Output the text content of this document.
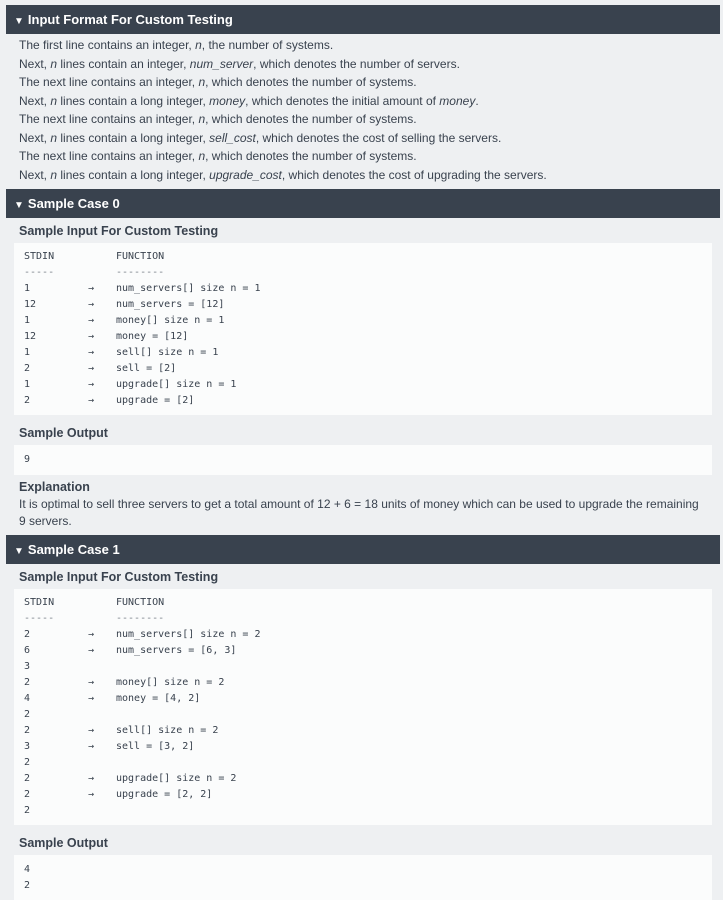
▼ Input Format For Custom Testing
The first line contains an integer, n, the number of systems.
Next, n lines contain an integer, num_server, which denotes the number of servers.
The next line contains an integer, n, which denotes the number of systems.
Next, n lines contain a long integer, money, which denotes the initial amount of money.
The next line contains an integer, n, which denotes the number of systems.
Next, n lines contain a long integer, sell_cost, which denotes the cost of selling the servers.
The next line contains an integer, n, which denotes the number of systems.
Next, n lines contain a long integer, upgrade_cost, which denotes the cost of upgrading the servers.
▼ Sample Case 0
Sample Input For Custom Testing
STDIN	FUNCTION
-----	--------
1	→ num_servers[] size n = 1
12	→ num_servers = [12]
1	→ money[] size n = 1
12	→ money = [12]
1	→ sell[] size n = 1
2	→ sell = [2]
1	→ upgrade[] size n = 1
2	→ upgrade = [2]
Sample Output
9
Explanation
It is optimal to sell three servers to get a total amount of 12 + 6 = 18 units of money which can be used to upgrade the remaining 9 servers.
▼ Sample Case 1
Sample Input For Custom Testing
STDIN	FUNCTION
-----	--------
2	→ num_servers[] size n = 2
6	→ num_servers = [6, 3]
3
2	→ money[] size n = 2
4	→ money = [4, 2]
2
2	→ sell[] size n = 2
3	→ sell = [3, 2]
2
2	→ upgrade[] size n = 2
2	→ upgrade = [2, 2]
2
Sample Output
4
2
